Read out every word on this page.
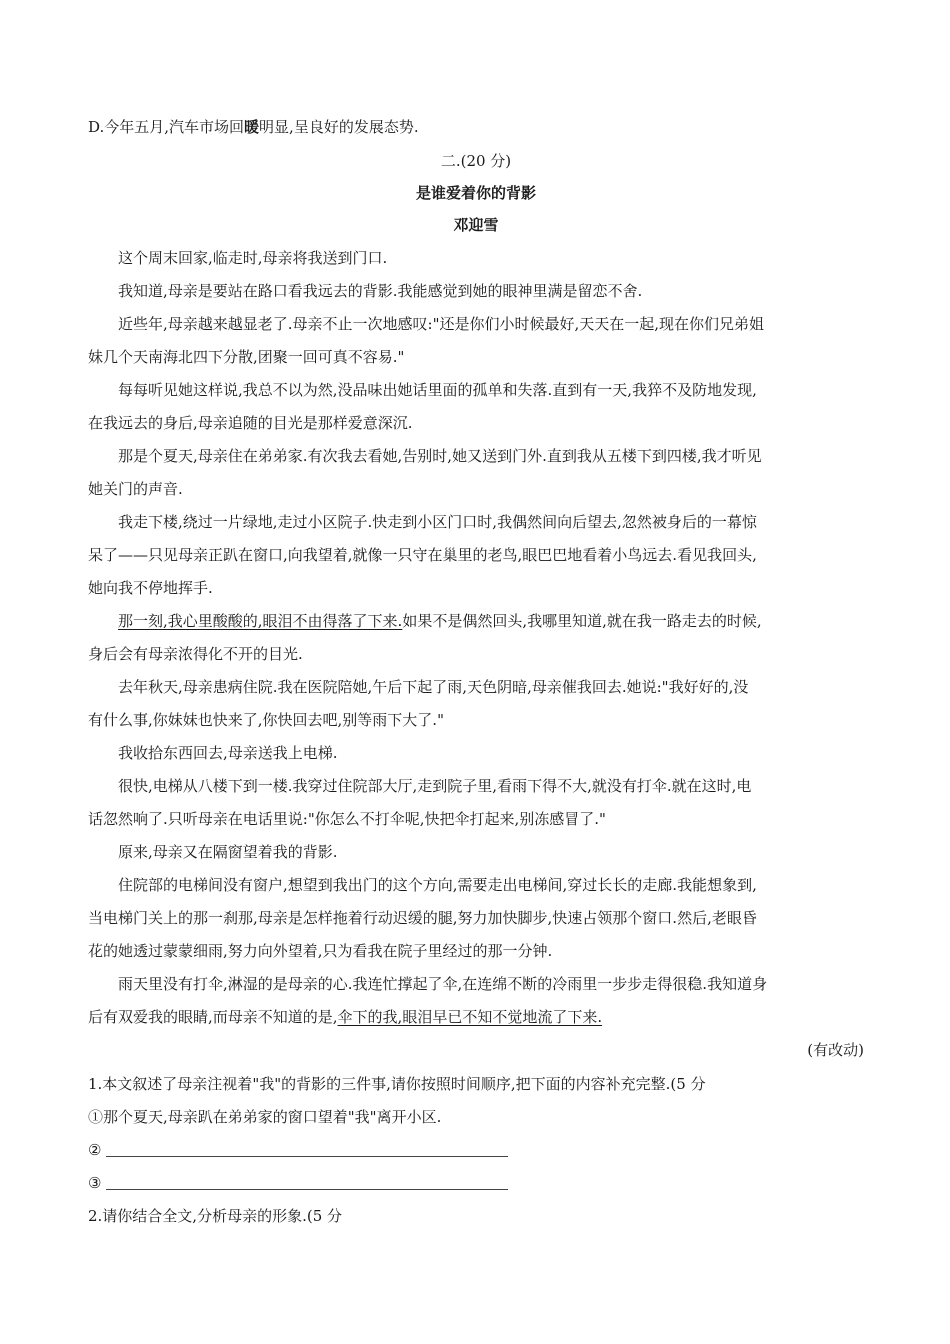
D.今年五月,汽车市场回暖明显,呈良好的发展态势.
二.(20 分)
是谁爱着你的背影
邓迎雪
这个周末回家,临走时,母亲将我送到门口.
我知道,母亲是要站在路口看我远去的背影.我能感觉到她的眼神里满是留恋不舍.
近些年,母亲越来越显老了.母亲不止一次地感叹:"还是你们小时候最好,天天在一起,现在你们兄弟姐
妹几个天南海北四下分散,团聚一回可真不容易."
每每听见她这样说,我总不以为然,没品味出她话里面的孤单和失落.直到有一天,我猝不及防地发现,
在我远去的身后,母亲追随的目光是那样爱意深沉.
那是个夏天,母亲住在弟弟家.有次我去看她,告别时,她又送到门外.直到我从五楼下到四楼,我才听见
她关门的声音.
我走下楼,绕过一片绿地,走过小区院子.快走到小区门口时,我偶然间向后望去,忽然被身后的一幕惊
呆了——只见母亲正趴在窗口,向我望着,就像一只守在巢里的老鸟,眼巴巴地看着小鸟远去.看见我回头,
她向我不停地挥手.
那一刻,我心里酸酸的,眼泪不由得落了下来.如果不是偶然回头,我哪里知道,就在我一路走去的时候,
身后会有母亲浓得化不开的目光.
去年秋天,母亲患病住院.我在医院陪她,午后下起了雨,天色阴暗,母亲催我回去.她说:"我好好的,没
有什么事,你妹妹也快来了,你快回去吧,别等雨下大了."
我收拾东西回去,母亲送我上电梯.
很快,电梯从八楼下到一楼.我穿过住院部大厅,走到院子里,看雨下得不大,就没有打伞.就在这时,电
话忽然响了.只听母亲在电话里说:"你怎么不打伞呢,快把伞打起来,别冻感冒了."
原来,母亲又在隔窗望着我的背影.
住院部的电梯间没有窗户,想望到我出门的这个方向,需要走出电梯间,穿过长长的走廊.我能想象到,
当电梯门关上的那一刹那,母亲是怎样拖着行动迟缓的腿,努力加快脚步,快速占领那个窗口.然后,老眼昏
花的她透过蒙蒙细雨,努力向外望着,只为看我在院子里经过的那一分钟.
雨天里没有打伞,淋湿的是母亲的心.我连忙撑起了伞,在连绵不断的冷雨里一步步走得很稳.我知道身
后有双爱我的眼睛,而母亲不知道的是,伞下的我,眼泪早已不知不觉地流了下来.
(有改动)
1.本文叙述了母亲注视着"我"的背影的三件事,请你按照时间顺序,把下面的内容补充完整.(5 分
①那个夏天,母亲趴在弟弟家的窗口望着"我"离开小区.
②
③
2.请你结合全文,分析母亲的形象.(5 分
